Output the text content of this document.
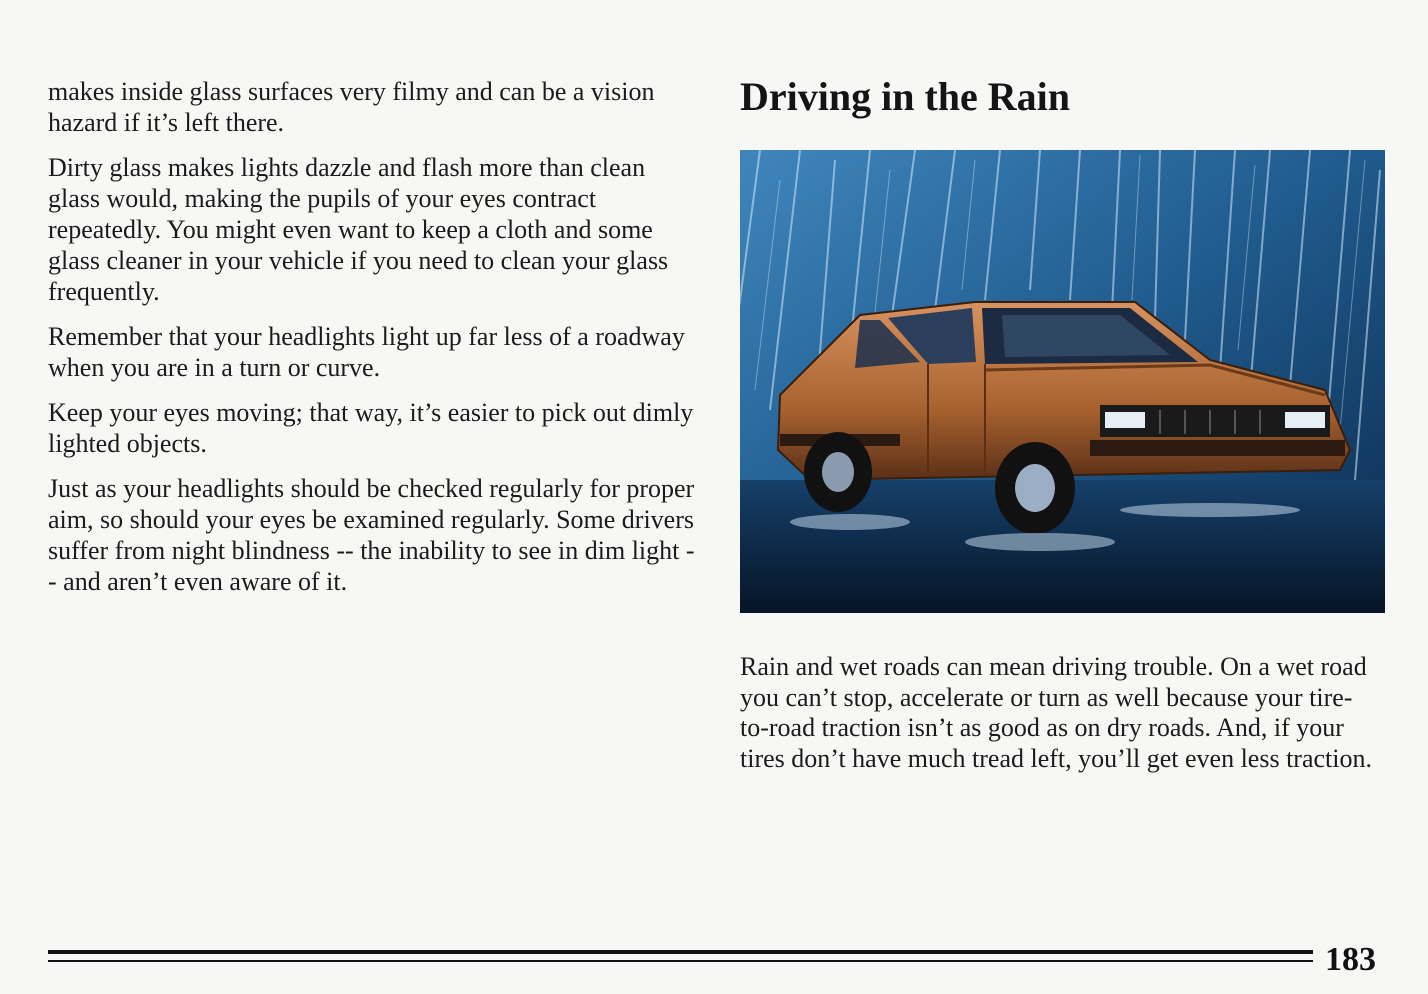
makes inside glass surfaces very filmy and can be a vision hazard if it’s left there.

Dirty glass makes lights dazzle and flash more than clean glass would, making the pupils of your eyes contract repeatedly. You might even want to keep a cloth and some glass cleaner in your vehicle if you need to clean your glass frequently.

Remember that your headlights light up far less of a roadway when you are in a turn or curve.

Keep your eyes moving; that way, it’s easier to pick out dimly lighted objects.

Just as your headlights should be checked regularly for proper aim, so should your eyes be examined regularly. Some drivers suffer from night blindness -- the inability to see in dim light -- and aren’t even aware of it.

Driving in the Rain

Rain and wet roads can mean driving trouble. On a wet road you can’t stop, accelerate or turn as well because your tire-to-road traction isn’t as good as on dry roads. And, if your tires don’t have much tread left, you’ll get even less traction.

183
